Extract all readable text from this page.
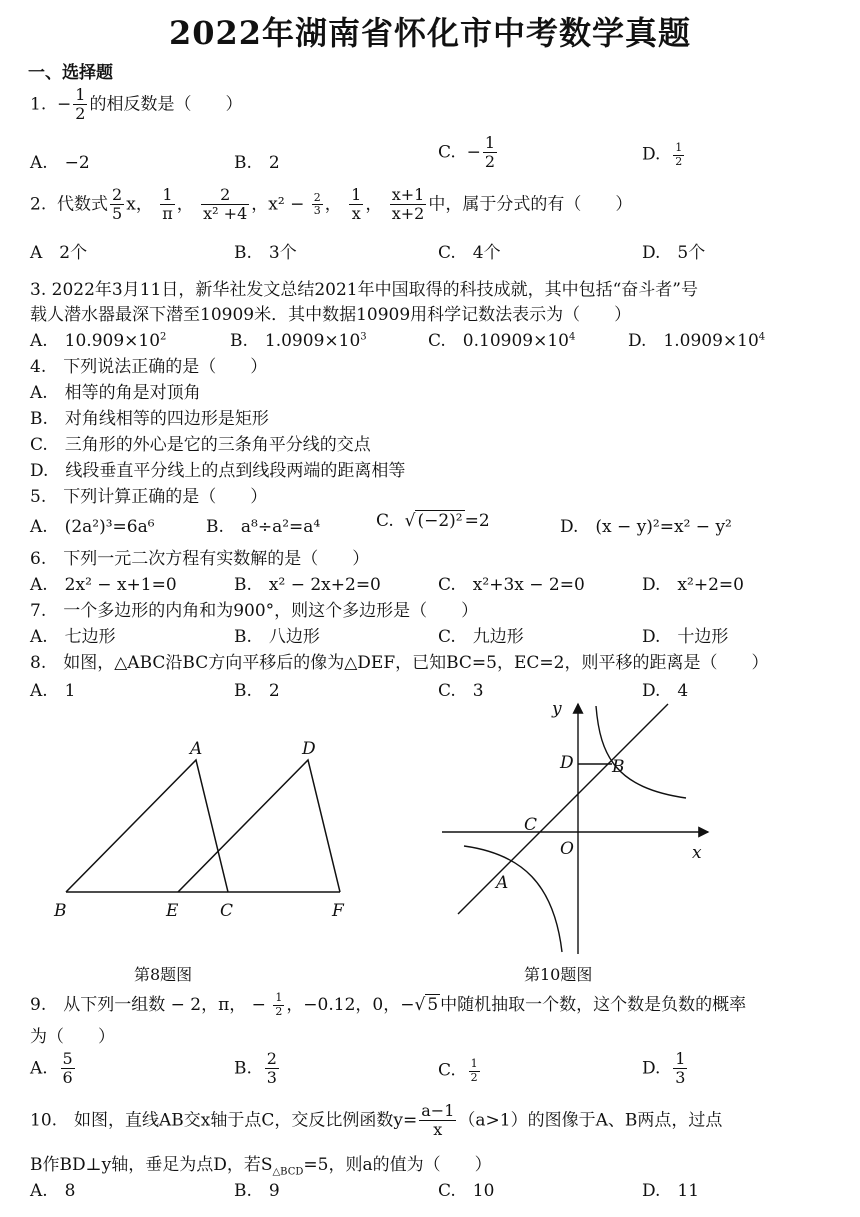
2022年湖南省怀化市中考数学真题
一、选择题
1. − $\frac{1}{2}$ 的相反数是（　　）
A.　−2	B.　2
C. − $\frac{1}{2}$	D. $\frac{1}{2}$
2. 代数式 $\frac{2}{5}$ x， $\frac{1}{\pi}$ ， $\frac{2}{\text{x² +4}}$ ，$x^2 - \frac{2}{3}$ ， $\frac{1}{x}$ ， $\frac{x+1}{x+2}$ 中，属于分式的有（　　）
A　2个	B.　3个	C.　4个	D.　5个
3. 2022年3月11日，新华社发文总结2021年中国取得的科技成就，其中包括“奋斗者”号
载人潜水器最深下潜至10909米．其中数据10909用科学记数法表示为（　　）
A.　$10.909\times 10^2$	B.　$1.0909\times 10^3$	C.　$0.10909\times 10^4$	D.　$1.0909\times 10^4$
4.　下列说法正确的是（　　）
A.　相等的角是对顶角
B.　对角线相等的四边形是矩形
C.　三角形的外心是它的三条角平分线的交点
D.　线段垂直平分线上的点到线段两端的距离相等
5.　下列计算正确的是（　　）
A.　(2a²)³=6a⁶	B.　a⁸÷a²=a⁴	C.  √ (−2)² =2	D.　(x − y)²=x² − y²
6.　下列一元二次方程有实数解的是（　　）
A.　2x² − x+1=0	B.　x² − 2x+2=0	C.　x²+3x − 2=0	D.　x²+2=0
7.　一个多边形的内角和为900°，则这个多边形是（　　）
A.　七边形	B.　八边形	C.　九边形	D.　十边形
8.　如图，△ABC沿BC方向平移后的像为△DEF，已知BC=5，EC=2，则平移的距离是（　　）
A.　1	B.　2	C.　3	D.　4
A	D
B	E C	F
第8题图
y
x
O
C
D B
A
第10题图
9.　从下列一组数 − 2，π， − $\frac{1}{2}$ ，−0.12，0，−√ 5 中随机抽取一个数，这个数是负数的概率
为（　　）
A. $\frac{5}{6}$	B. $\frac{2}{3}$	C. $\frac{1}{2}$	D. $\frac{1}{3}$
10.　如图，直线AB交x轴于点C，交反比例函数$y= \frac{a-1}{x} (a>1)$的图像于A、B两点，过点
B作BD⊥y轴，垂足为点D，若$S_{\triangle BCD}=5$，则a的值为（　　）
A.　8	B.　9	C.　10	D.　11
